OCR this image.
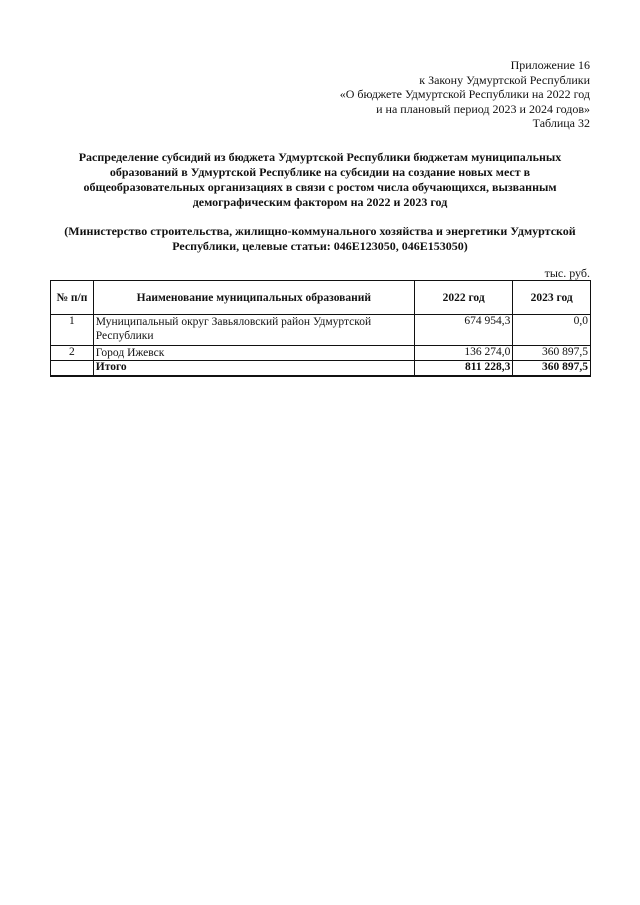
Приложение 16
к Закону Удмуртской Республики
«О бюджете Удмуртской Республики на 2022 год
и на плановый период 2023 и 2024 годов»
Таблица 32
Распределение субсидий из бюджета Удмуртской Республики бюджетам муниципальных
образований в Удмуртской Республике на субсидии на создание новых мест в
общеобразовательных организациях в связи с ростом числа обучающихся, вызванным
демографическим фактором на 2022 и 2023 год
(Министерство строительства, жилищно-коммунального хозяйства и энергетики Удмуртской
Республики, целевые статьи: 046E123050, 046E153050)
тыс. руб.
№ п/п	Наименование муниципальных образований	2022 год	2023 год
1	Муниципальный округ Завьяловский район Удмуртской Республики	674 954,3	0,0
2	Город Ижевск	136 274,0	360 897,5
	Итого	811 228,3	360 897,5
